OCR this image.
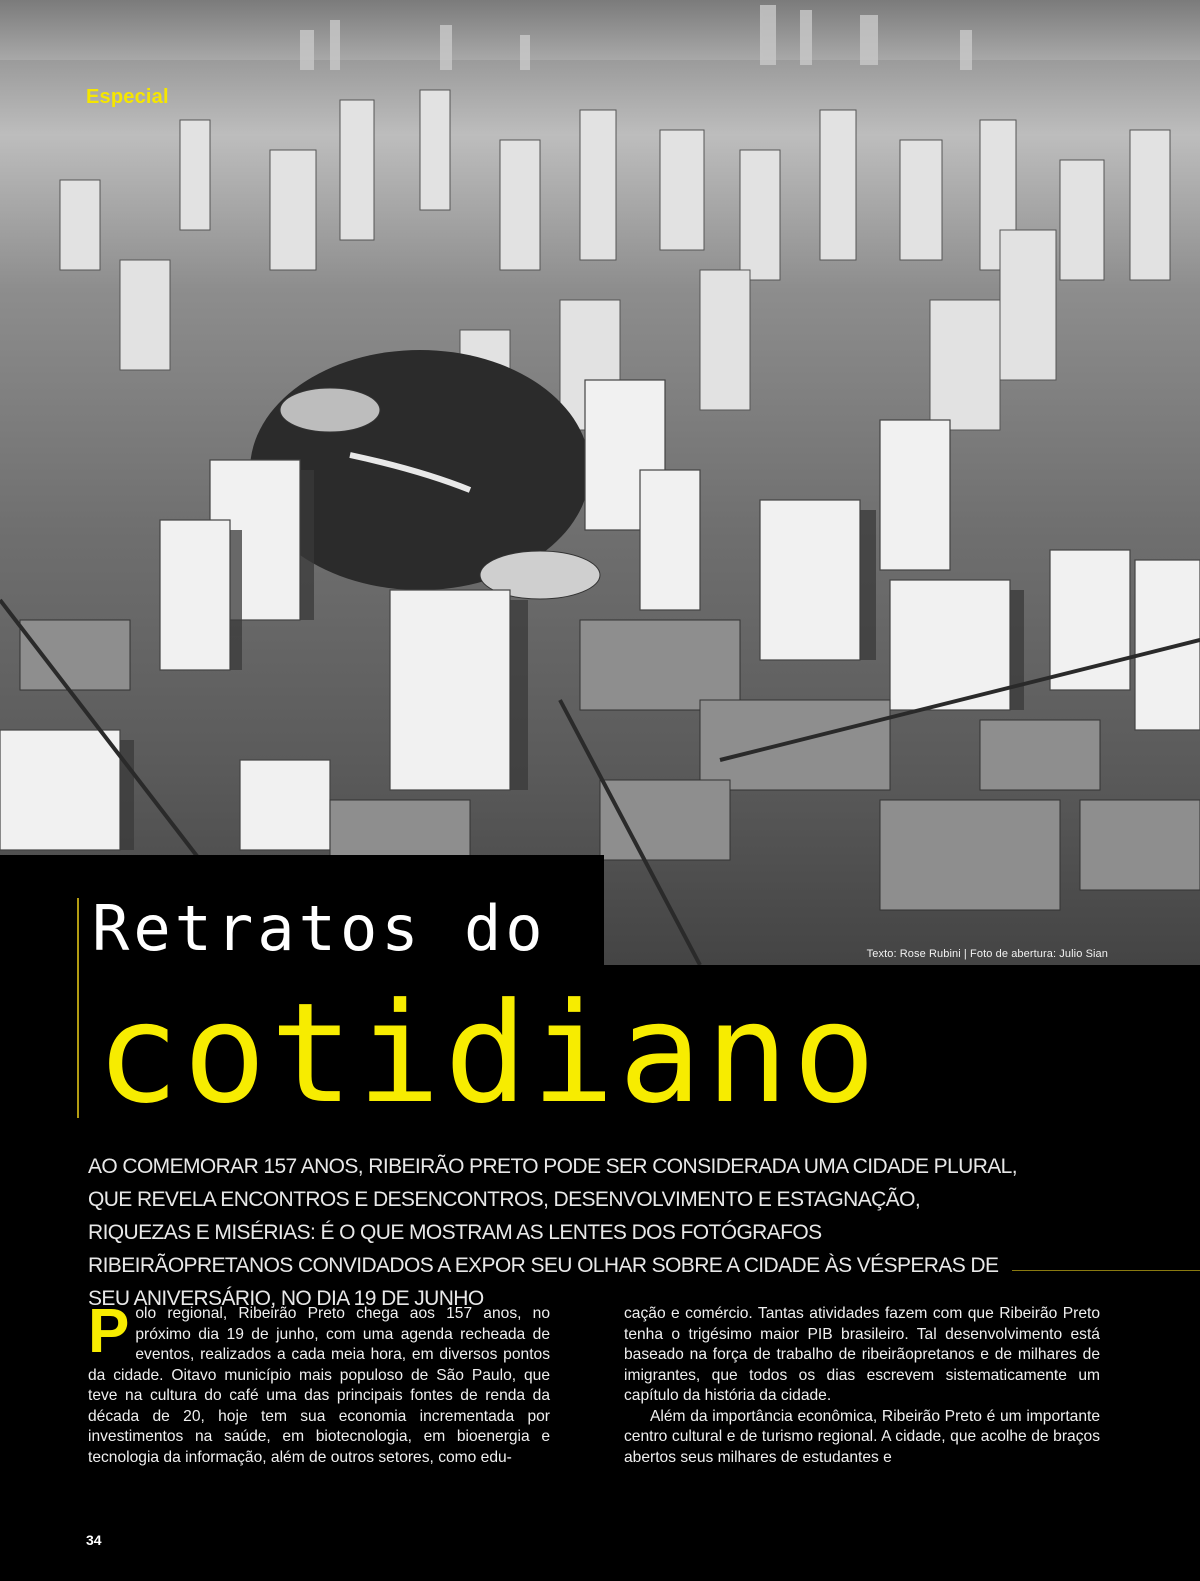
Especial
Texto: Rose Rubini | Foto de abertura: Julio Sian
Retratos do
cotidiano
AO COMEMORAR 157 ANOS, RIBEIRÃO PRETO PODE SER CONSIDERADA UMA CIDADE PLURAL, QUE REVELA ENCONTROS E DESENCONTROS, DESENVOLVIMENTO E ESTAGNAÇÃO, RIQUEZAS E MISÉRIAS: É O QUE MOSTRAM AS LENTES DOS FOTÓGRAFOS RIBEIRÃOPRETANOS CONVIDADOS A EXPOR SEU OLHAR SOBRE A CIDADE ÀS VÉSPERAS DE SEU ANIVERSÁRIO, NO DIA 19 DE JUNHO

Polo regional, Ribeirão Preto chega aos 157 anos, no próximo dia 19 de junho, com uma agenda recheada de eventos, realizados a cada meia hora, em diversos pontos da cidade. Oitavo município mais populoso de São Paulo, que teve na cultura do café uma das principais fontes de renda da década de 20, hoje tem sua economia incrementada por investimentos na saúde, em biotecnologia, em bioenergia e tecnologia da informação, além de outros setores, como edu-

cação e comércio. Tantas atividades fazem com que Ribeirão Preto tenha o trigésimo maior PIB brasileiro. Tal desenvolvimento está baseado na força de trabalho de ribeirãopretanos e de milhares de imigrantes, que todos os dias escrevem sistematicamente um capítulo da história da cidade.

Além da importância econômica, Ribeirão Preto é um importante centro cultural e de turismo regional. A cidade, que acolhe de braços abertos seus milhares de estudantes e

34
